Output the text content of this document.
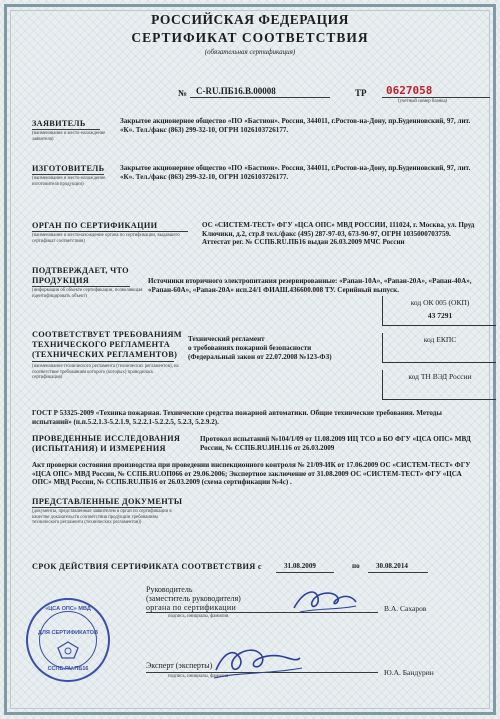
РОССИЙСКАЯ ФЕДЕРАЦИЯ
СЕРТИФИКАТ СООТВЕТСТВИЯ
(обязательная сертификация)
№ C-RU.ПБ16.В.00008	ТР 0627058
(учетный номер бланка)
ЗАЯВИТЕЛЬ
(наименование и место-нахождение заявителя)
Закрытое акционерное общество «ПО «Бастион». Россия, 344011, г.Ростов-на-Дону, пр.Буденновский, 97, лит. «К». Тел./факс (863) 299-32-10, ОГРН 1026103726177.
ИЗГОТОВИТЕЛЬ
(наименование и место-нахождение изготовителя продукции)
Закрытое акционерное общество «ПО «Бастион». Россия, 344011, г.Ростов-на-Дону, пр.Буденновский, 97, лит. «К». Тел./факс (863) 299-32-10, ОГРН 1026103726177.
ОРГАН ПО СЕРТИФИКАЦИИ
(наименование и местонахождение органа по сертификации, выдавшего сертификат соответствия)
ОС «СИСТЕМ-ТЕСТ» ФГУ «ЦСА ОПС» МВД РОССИИ, 111024, г. Москва, ул. Пруд Ключики, д.2, стр.8 тел./факс (495) 287-97-03, 673-90-97, ОГРН 1035000703759. Аттестат рег. № ССПБ.RU.ПБ16 выдан 26.03.2009 МЧС России
ПОДТВЕРЖДАЕТ, ЧТО
ПРОДУКЦИЯ
(информация об объекте сертификации, позволяющая идентифицировать объект)
Источники вторичного электропитания резервированные: «Рапан-10А», «Рапан-20А», «Рапан-40А», «Рапан-60А», «Рапан-20А» исп.24/1 ФИАШ.436600.008 ТУ. Серийный выпуск.
код ОК 005 (ОКП)
43 7291
код ЕКПС
код ТН ВЭД России
СООТВЕТСТВУЕТ ТРЕБОВАНИЯМ
ТЕХНИЧЕСКОГО РЕГЛАМЕНТА
(ТЕХНИЧЕСКИХ РЕГЛАМЕНТОВ)
(наименование технического регламента (технических регламентов), на соответствие требованиям которого (которых) проводилась сертификация)
Технический регламент
о требованиях пожарной безопасности
(Федеральный закон от 22.07.2008 №123-ФЗ)
ГОСТ Р 53325-2009 «Техника пожарная. Технические средства пожарной автоматики. Общие технические требования. Методы испытаний» (п.п.5.2.1.3-5.2.1.9, 5.2.2.1-5.2.2.5, 5.2.3, 5.2.9.2).
ПРОВЕДЕННЫЕ ИССЛЕДОВАНИЯ
(ИСПЫТАНИЯ) И ИЗМЕРЕНИЯ
Протокол испытаний №104/1/09 от 11.08.2009 ИЦ ТСО и БО ФГУ «ЦСА ОПС» МВД России, № ССПБ.RU.ИН.116 от 26.03.2009
Акт проверки состояния производства при проведении инспекционного контроля № 21/09-ИК от 17.06.2009 ОС «СИСТЕМ-ТЕСТ» ФГУ «ЦСА ОПС» МВД России, № ССПБ.RU.ОП066 от 29.06.2006; Экспертное заключение от 31.08.2009 ОС «СИСТЕМ-ТЕСТ» ФГУ «ЦСА ОПС» МВД России, № ССПБ.RU.ПБ16 от 26.03.2009 (схема сертификации №4с) .
ПРЕДСТАВЛЕННЫЕ ДОКУМЕНТЫ
(документы, представленные заявителем в орган по сертификации в качестве доказательств соответствия продукции требованиям технического регламента (технических регламентов))
СРОК ДЕЙСТВИЯ СЕРТИФИКАТА СООТВЕТСТВИЯ с	31.08.2009	по 30.08.2014
Руководитель
(заместитель руководителя)
органа по сертификации
подпись, инициалы, фамилия
В.А. Сахаров
Эксперт (эксперты)
подпись, инициалы, фамилия	Ю.А. Бандурин
«ЦСА ОПС» МВД
ДЛЯ СЕРТИФИКАТОВ
ССПБ.RU.ПБ16
